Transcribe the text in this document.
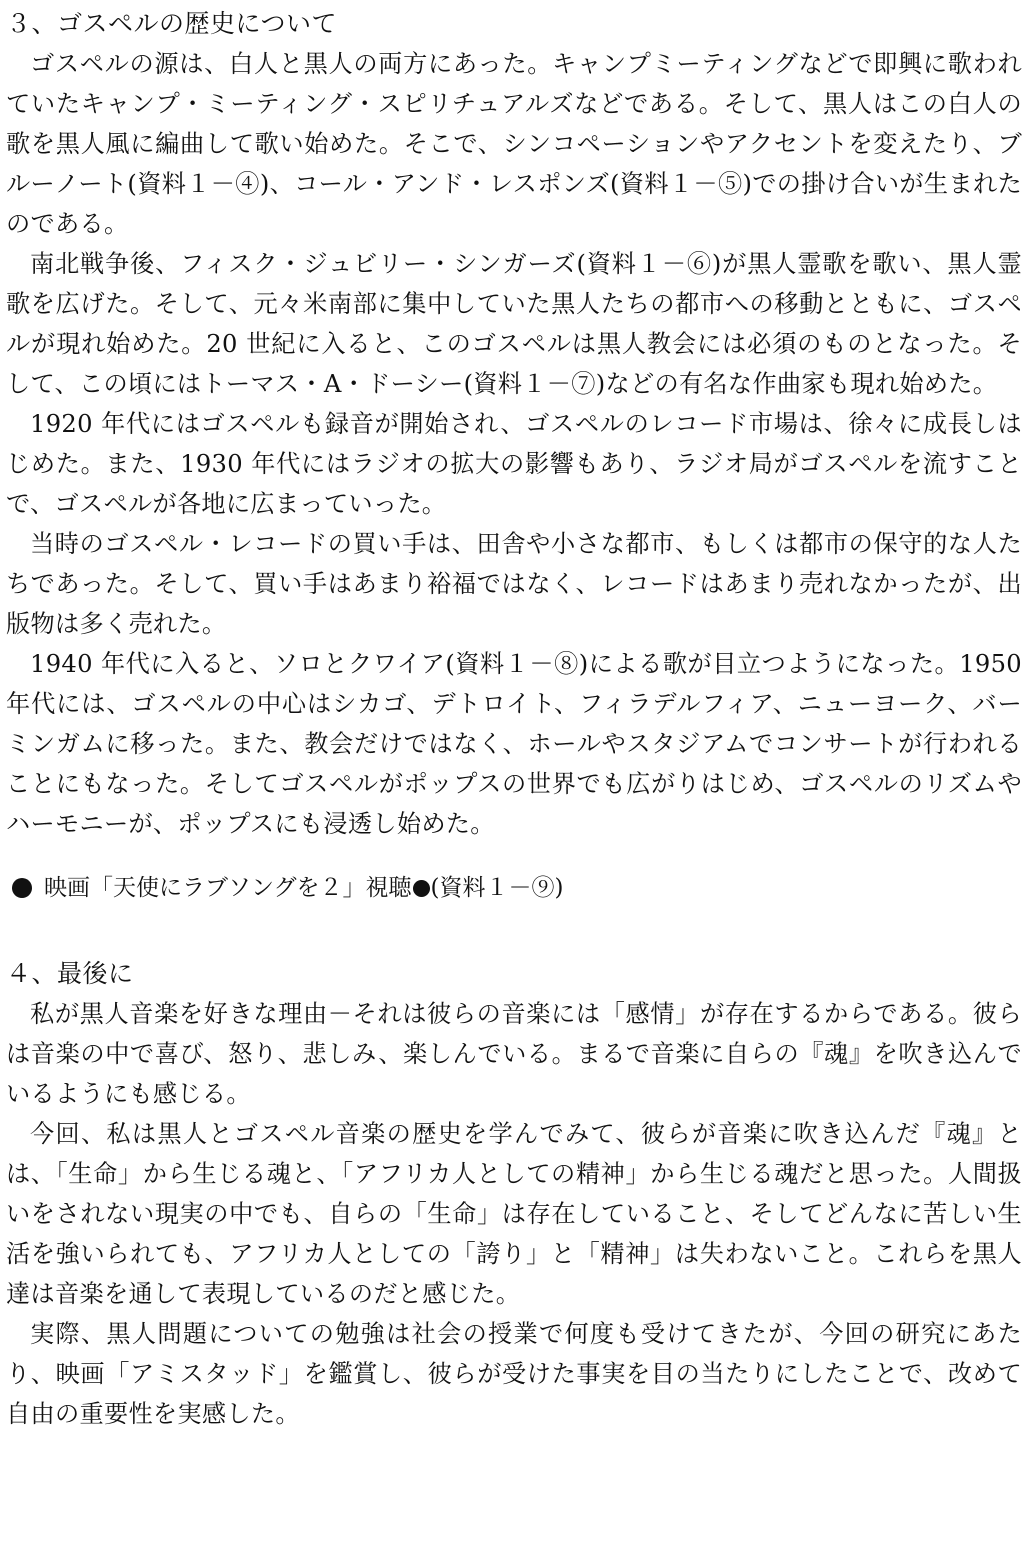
３、ゴスペルの歴史について

ゴスペルの源は、白人と黒人の両方にあった。キャンプミーティングなどで即興に歌われていたキャンプ・ミーティング・スピリチュアルズなどである。そして、黒人はこの白人の歌を黒人風に編曲して歌い始めた。そこで、シンコペーションやアクセントを変えたり、ブルーノート(資料１－④)、コール・アンド・レスポンズ(資料１－⑤)での掛け合いが生まれたのである。

南北戦争後、フィスク・ジュビリー・シンガーズ(資料１－⑥)が黒人霊歌を歌い、黒人霊歌を広げた。そして、元々米南部に集中していた黒人たちの都市への移動とともに、ゴスペルが現れ始めた。20 世紀に入ると、このゴスペルは黒人教会には必須のものとなった。そして、この頃にはトーマス・A・ドーシー(資料１－⑦)などの有名な作曲家も現れ始めた。

1920 年代にはゴスペルも録音が開始され、ゴスペルのレコード市場は、徐々に成長しはじめた。また、1930 年代にはラジオの拡大の影響もあり、ラジオ局がゴスペルを流すことで、ゴスペルが各地に広まっていった。

当時のゴスペル・レコードの買い手は、田舎や小さな都市、もしくは都市の保守的な人たちであった。そして、買い手はあまり裕福ではなく、レコードはあまり売れなかったが、出版物は多く売れた。

1940 年代に入ると、ソロとクワイア(資料１－⑧)による歌が目立つようになった。1950 年代には、ゴスペルの中心はシカゴ、デトロイト、フィラデルフィア、ニューヨーク、バーミンガムに移った。また、教会だけではなく、ホールやスタジアムでコンサートが行われることにもなった。そしてゴスペルがポップスの世界でも広がりはじめ、ゴスペルのリズムやハーモニーが、ポップスにも浸透し始めた。

映画「天使にラブソングを２」視聴 (資料１－⑨)
４、最後に

私が黒人音楽を好きな理由－それは彼らの音楽には「感情」が存在するからである。彼らは音楽の中で喜び、怒り、悲しみ、楽しんでいる。まるで音楽に自らの『魂』を吹き込んでいるようにも感じる。

今回、私は黒人とゴスペル音楽の歴史を学んでみて、彼らが音楽に吹き込んだ『魂』とは、「生命」から生じる魂と、「アフリカ人としての精神」から生じる魂だと思った。人間扱いをされない現実の中でも、自らの「生命」は存在していること、そしてどんなに苦しい生活を強いられても、アフリカ人としての「誇り」と「精神」は失わないこと。これらを黒人達は音楽を通して表現しているのだと感じた。

実際、黒人問題についての勉強は社会の授業で何度も受けてきたが、今回の研究にあたり、映画「アミスタッド」を鑑賞し、彼らが受けた事実を目の当たりにしたことで、改めて自由の重要性を実感した。
